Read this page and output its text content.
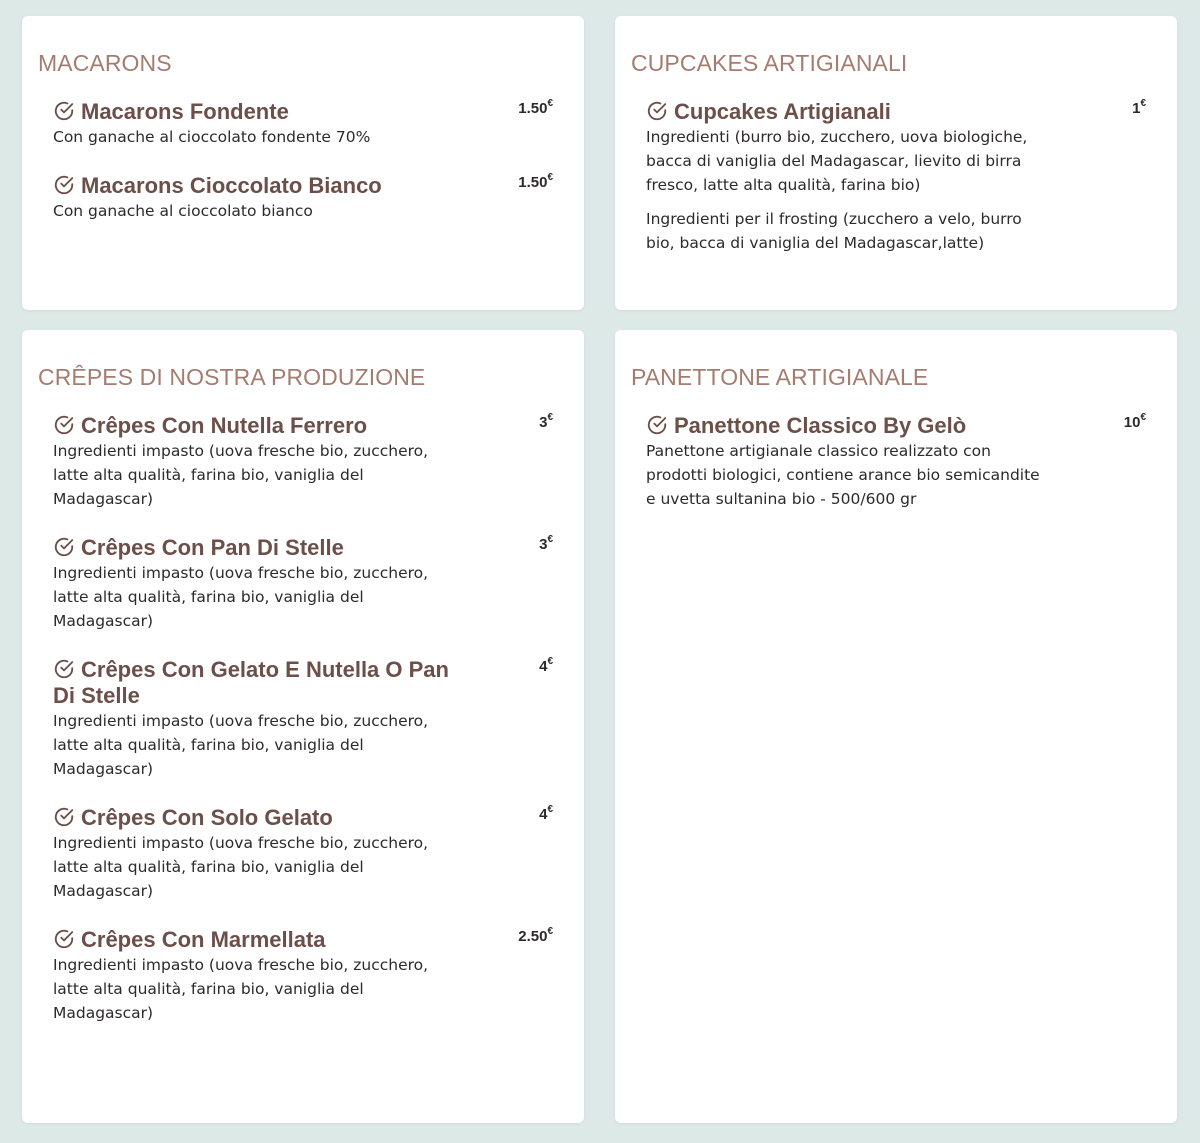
MACARONS
Macarons Fondente	1.50€

Con ganache al cioccolato fondente 70%

Macarons Cioccolato Bianco	1.50€

Con ganache al cioccolato bianco

CUPCAKES ARTIGIANALI
Cupcakes Artigianali	1€

Ingredienti (burro bio, zucchero, uova biologiche, bacca di vaniglia del Madagascar, lievito di birra fresco, latte alta qualità, farina bio)

Ingredienti per il frosting (zucchero a velo, burro bio, bacca di vaniglia del Madagascar,latte)

CRÊPES DI NOSTRA PRODUZIONE
Crêpes Con Nutella Ferrero	3€

Ingredienti impasto (uova fresche bio, zucchero, latte alta qualità, farina bio, vaniglia del Madagascar)

Crêpes Con Pan Di Stelle	3€

Ingredienti impasto (uova fresche bio, zucchero, latte alta qualità, farina bio, vaniglia del Madagascar)

Crêpes Con Gelato E Nutella O Pan Di Stelle
4€

Ingredienti impasto (uova fresche bio, zucchero, latte alta qualità, farina bio, vaniglia del Madagascar)

Crêpes Con Solo Gelato	4€

Ingredienti impasto (uova fresche bio, zucchero, latte alta qualità, farina bio, vaniglia del Madagascar)

Crêpes Con Marmellata	2.50€

Ingredienti impasto (uova fresche bio, zucchero, latte alta qualità, farina bio, vaniglia del Madagascar)

PANETTONE ARTIGIANALE
Panettone Classico By Gelò	10€

Panettone artigianale classico realizzato con prodotti biologici, contiene arance bio semicandite e uvetta sultanina bio - 500/600 gr
